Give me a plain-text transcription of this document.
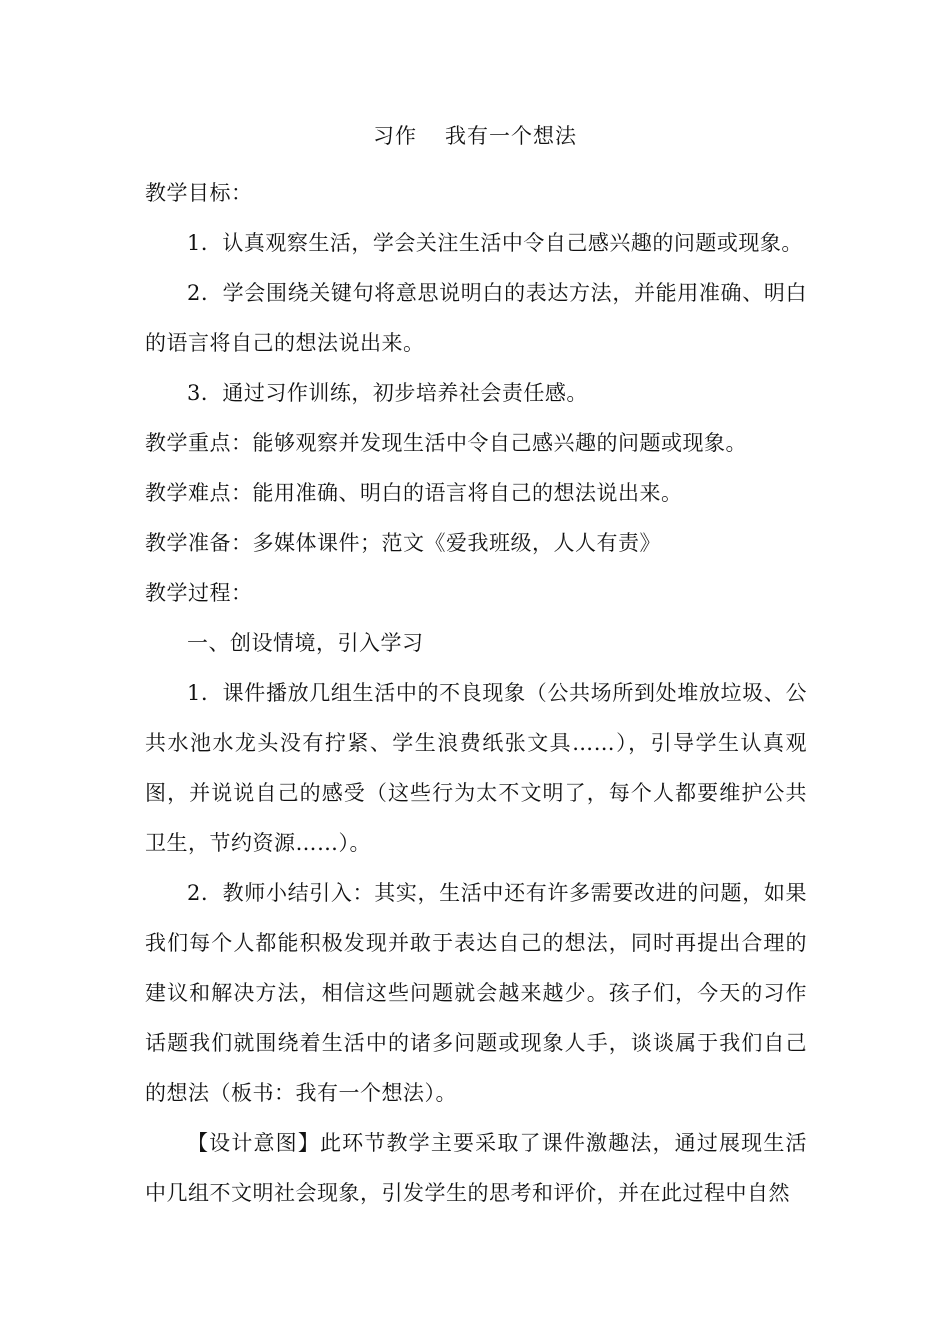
习作 我有一个想法

教学目标：

1．认真观察生活，学会关注生活中令自己感兴趣的问题或现象。

2．学会围绕关键句将意思说明白的表达方法，并能用准确、明白的语言将自己的想法说出来。

3．通过习作训练，初步培养社会责任感。

教学重点：能够观察并发现生活中令自己感兴趣的问题或现象。

教学难点：能用准确、明白的语言将自己的想法说出来。

教学准备：多媒体课件；范文《爱我班级，人人有责》

教学过程：

一、创设情境，引入学习

1．课件播放几组生活中的不良现象（公共场所到处堆放垃圾、公共水池水龙头没有拧紧、学生浪费纸张文具……），引导学生认真观图，并说说自己的感受（这些行为太不文明了，每个人都要维护公共卫生，节约资源……）。

2．教师小结引入：其实，生活中还有许多需要改进的问题，如果我们每个人都能积极发现并敢于表达自己的想法，同时再提出合理的建议和解决方法，相信这些问题就会越来越少。孩子们，今天的习作话题我们就围绕着生活中的诸多问题或现象人手，谈谈属于我们自己的想法（板书：我有一个想法）。

【设计意图】此环节教学主要采取了课件激趣法，通过展现生活中几组不文明社会现象，引发学生的思考和评价，并在此过程中自然
